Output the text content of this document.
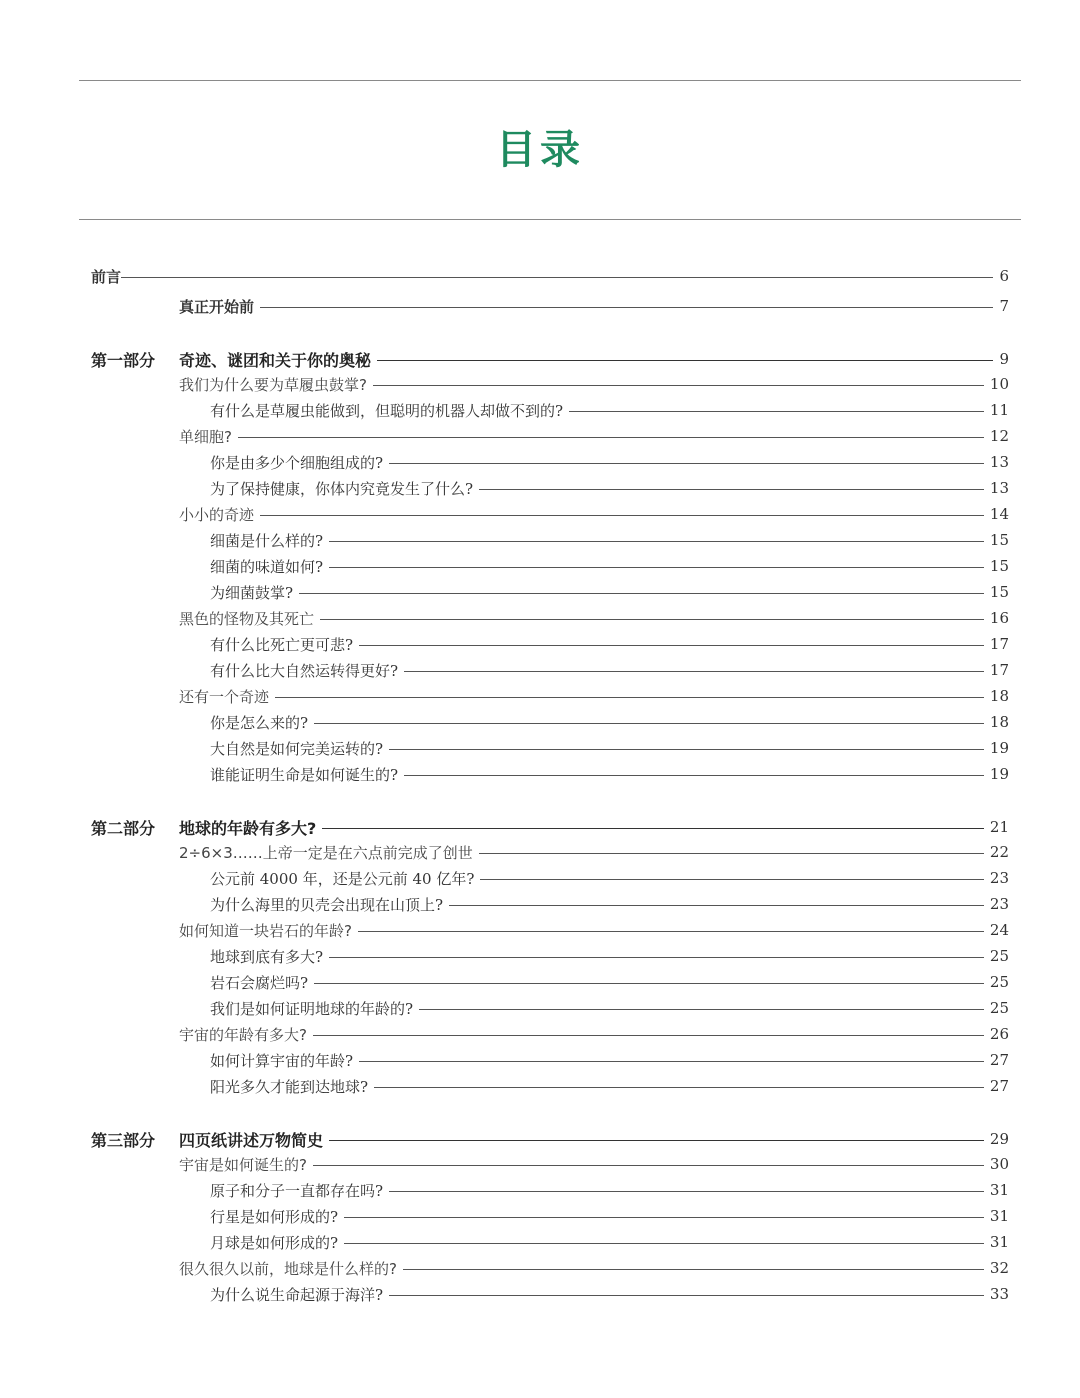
目录
前言	6
真正开始前	7
第一部分	奇迹、谜团和关于你的奥秘	9
我们为什么要为草履虫鼓掌?	10
有什么是草履虫能做到，但聪明的机器人却做不到的?	11
单细胞?	12
你是由多少个细胞组成的?	13
为了保持健康，你体内究竟发生了什么?	13
小小的奇迹	14
细菌是什么样的?	15
细菌的味道如何?	15
为细菌鼓掌?	15
黑色的怪物及其死亡	16
有什么比死亡更可悲?	17
有什么比大自然运转得更好?	17
还有一个奇迹	18
你是怎么来的?	18
大自然是如何完美运转的?	19
谁能证明生命是如何诞生的?	19
第二部分	地球的年龄有多大?	21
2÷6×3……上帝一定是在六点前完成了创世	22
公元前 4000 年，还是公元前 40 亿年?	23
为什么海里的贝壳会出现在山顶上?	23
如何知道一块岩石的年龄?	24
地球到底有多大?	25
岩石会腐烂吗?	25
我们是如何证明地球的年龄的?	25
宇宙的年龄有多大?	26
如何计算宇宙的年龄?	27
阳光多久才能到达地球?	27
第三部分	四页纸讲述万物简史	29
宇宙是如何诞生的?	30
原子和分子一直都存在吗?	31
行星是如何形成的?	31
月球是如何形成的?	31
很久很久以前，地球是什么样的?	32
为什么说生命起源于海洋?	33
